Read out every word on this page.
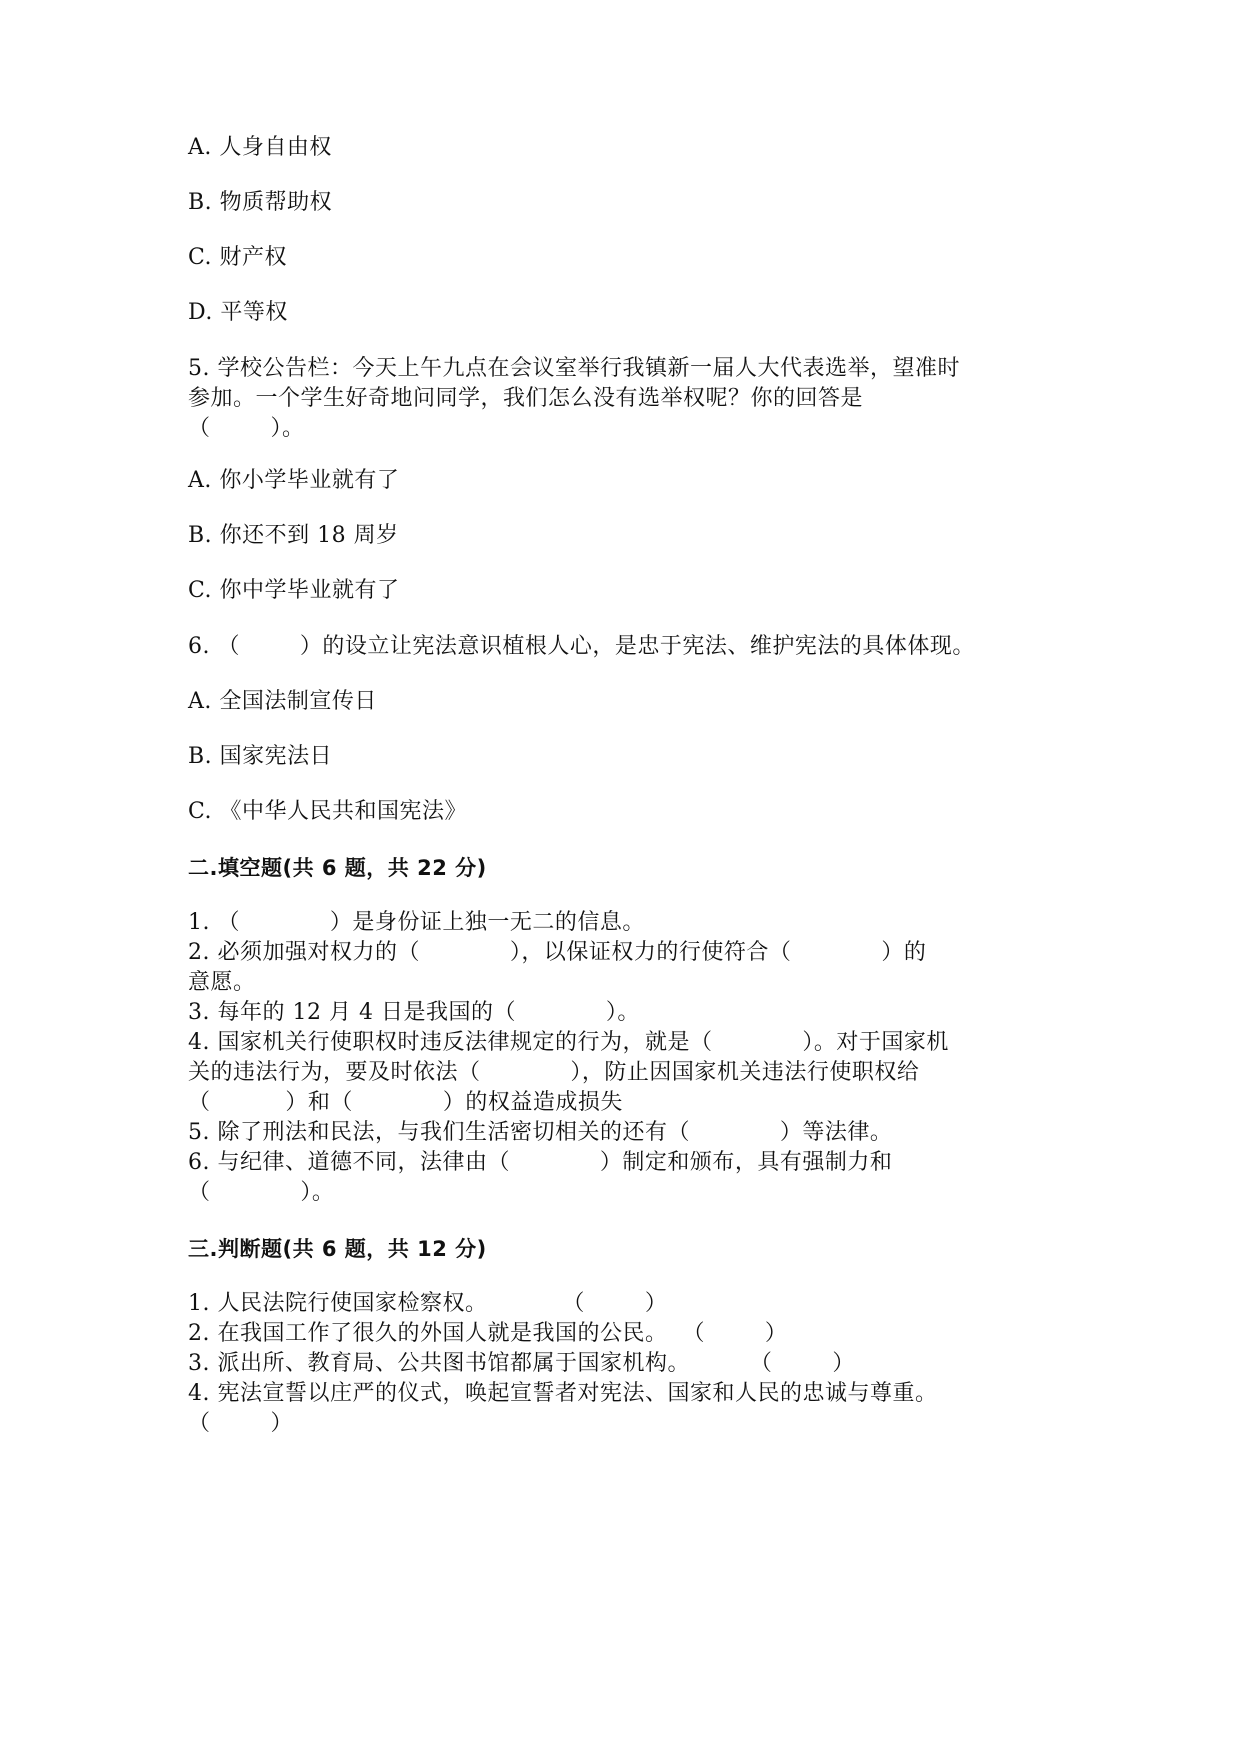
A. 人身自由权
B. 物质帮助权
C. 财产权
D. 平等权
5. 学校公告栏：今天上午九点在会议室举行我镇新一届人大代表选举，望准时
参加。一个学生好奇地问同学，我们怎么没有选举权呢？你的回答是
（        ）。
A. 你小学毕业就有了
B. 你还不到 18 周岁
C. 你中学毕业就有了
6. （        ）的设立让宪法意识植根人心，是忠于宪法、维护宪法的具体体现。
A. 全国法制宣传日
B. 国家宪法日
C. 《中华人民共和国宪法》
二.填空题(共 6 题，共 22 分)
1. （            ）是身份证上独一无二的信息。
2. 必须加强对权力的（            ），以保证权力的行使符合（            ）的
意愿。
3. 每年的 12 月 4 日是我国的（            ）。
4. 国家机关行使职权时违反法律规定的行为，就是（            ）。对于国家机
关的违法行为，要及时依法（            ），防止因国家机关违法行使职权给
（          ）和（            ）的权益造成损失
5. 除了刑法和民法，与我们生活密切相关的还有（            ）等法律。
6. 与纪律、道德不同，法律由（            ）制定和颁布，具有强制力和
（            ）。
三.判断题(共 6 题，共 12 分)
1. 人民法院行使国家检察权。          （        ）
2. 在我国工作了很久的外国人就是我国的公民。  （        ）
3. 派出所、教育局、公共图书馆都属于国家机构。        （        ）
4. 宪法宣誓以庄严的仪式，唤起宣誓者对宪法、国家和人民的忠诚与尊重。
（        ）
